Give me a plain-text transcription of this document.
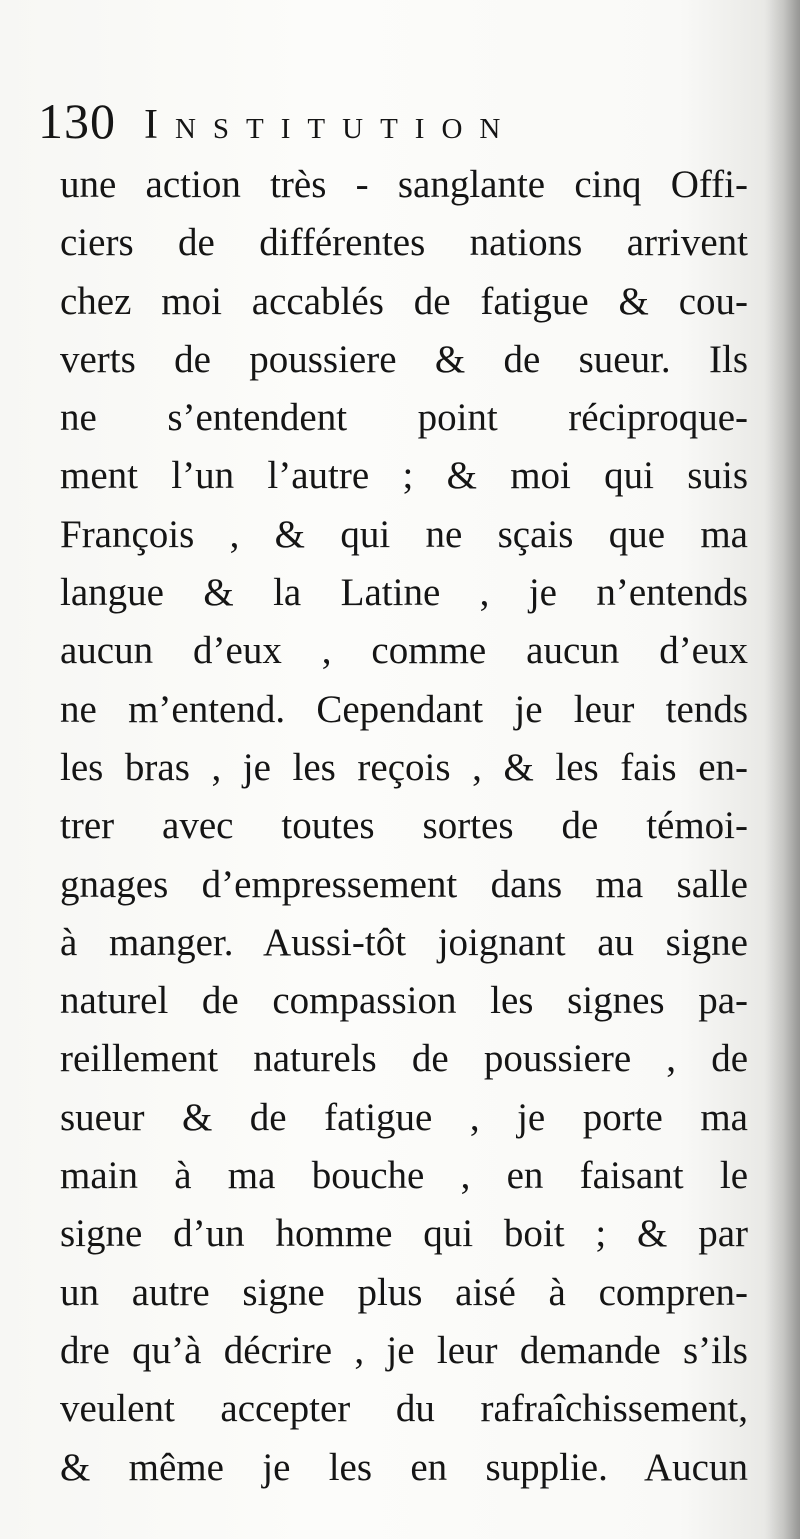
130 Institution
une action très - sanglante cinq Offi-
ciers de différentes nations arrivent
chez moi accablés de fatigue & cou-
verts de poussiere & de sueur. Ils
ne s’entendent point réciproque-
ment l’un l’autre ; & moi qui suis
François , & qui ne sçais que ma
langue & la Latine , je n’entends
aucun d’eux , comme aucun d’eux
ne m’entend. Cependant je leur tends
les bras , je les reçois , & les fais en-
trer avec toutes sortes de témoi-
gnages d’empressement dans ma salle
à manger. Aussi-tôt joignant au signe
naturel de compassion les signes pa-
reillement naturels de poussiere , de
sueur & de fatigue , je porte ma
main à ma bouche , en faisant le
signe d’un homme qui boit ; & par
un autre signe plus aisé à compren-
dre qu’à décrire , je leur demande s’ils
veulent accepter du rafraîchissement,
& même je les en supplie. Aucun
